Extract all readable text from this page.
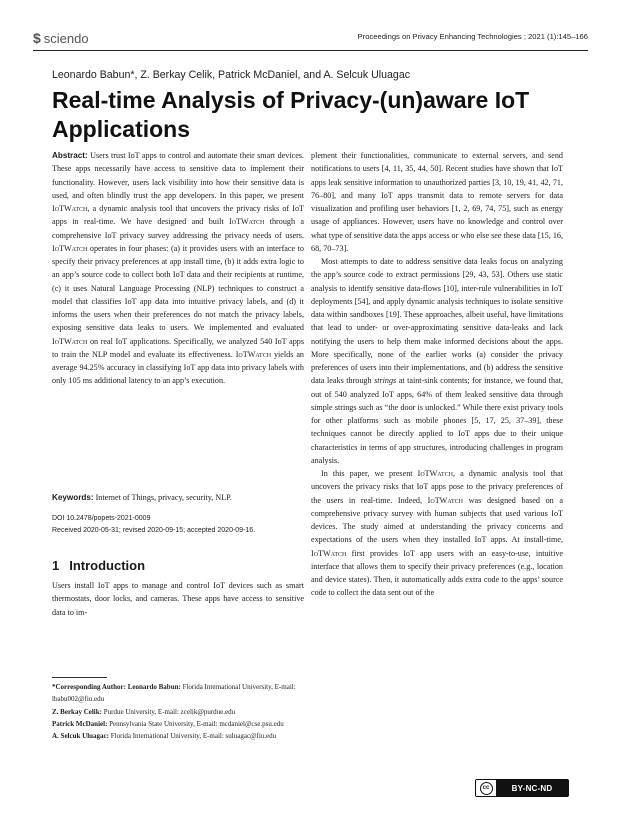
$ sciendo	Proceedings on Privacy Enhancing Technologies ; 2021 (1):145–166
Leonardo Babun*, Z. Berkay Celik, Patrick McDaniel, and A. Selcuk Uluagac
Real-time Analysis of Privacy-(un)aware IoT Applications

Abstract: Users trust IoT apps to control and automate their smart devices. These apps necessarily have access to sensitive data to implement their functionality. However, users lack visibility into how their sensitive data is used, and often blindly trust the app developers. In this paper, we present IoTWatch, a dynamic analysis tool that uncovers the privacy risks of IoT apps in real-time. We have designed and built IoTWatch through a comprehensive IoT privacy survey addressing the privacy needs of users. IoTWatch operates in four phases: (a) it provides users with an interface to specify their privacy preferences at app install time, (b) it adds extra logic to an app’s source code to collect both IoT data and their recipients at runtime, (c) it uses Natural Language Processing (NLP) techniques to construct a model that classifies IoT app data into intuitive privacy labels, and (d) it informs the users when their preferences do not match the privacy labels, exposing sensitive data leaks to users. We implemented and evaluated IoTWatch on real IoT applications. Specifically, we analyzed 540 IoT apps to train the NLP model and evaluate its effectiveness. IoTWatch yields an average 94.25% accuracy in classifying IoT app data into privacy labels with only 105 ms additional latency to an app’s execution.

Keywords: Internet of Things, privacy, security, NLP.

DOI 10.2478/popets-2021-0009
Received 2020-05-31; revised 2020-09-15; accepted 2020-09-16.
1 Introduction

Users install IoT apps to manage and control IoT devices such as smart thermostats, door locks, and cameras. These apps have access to sensitive data to im-

*Corresponding Author: Leonardo Babun: Florida International University, E-mail: lbabu002@fiu.edu

Z. Berkay Celik: Purdue University, E-mail: zcelik@purdue.edu

Patrick McDaniel: Pennsylvania State University, E-mail: mcdaniel@cse.psu.edu

A. Selcuk Uluagac: Florida International University, E-mail: suluagac@fiu.edu

plement their functionalities, communicate to external servers, and send notifications to users [4, 11, 35, 44, 50]. Recent studies have shown that IoT apps leak sensitive information to unauthorized parties [3, 10, 19, 41, 42, 71, 76–80], and many IoT apps transmit data to remote servers for data visualization and profiling user behaviors [1, 2, 69, 74, 75], such as energy usage of appliances. However, users have no knowledge and control over what type of sensitive data the apps access or who else see these data [15, 16, 68, 70–73].

Most attempts to date to address sensitive data leaks focus on analyzing the app’s source code to extract permissions [29, 43, 53]. Others use static analysis to identify sensitive data-flows [10], inter-rule vulnerabilities in IoT deployments [54], and apply dynamic analysis techniques to isolate sensitive data within sandboxes [19]. These approaches, albeit useful, have limitations that lead to under- or over-approximating sensitive data-leaks and lack notifying the users to help them make informed decisions about the apps. More specifically, none of the earlier works (a) consider the privacy preferences of users into their implementations, and (b) address the sensitive data leaks through strings at taint-sink contents; for instance, we found that, out of 540 analyzed IoT apps, 64% of them leaked sensitive data through simple strings such as “the door is unlocked.” While there exist privacy tools for other platforms such as mobile phones [5, 17, 25, 37–39], these techniques cannot be directly applied to IoT apps due to their unique characteristics in terms of app structures, introducing challenges in program analysis.

In this paper, we present IoTWatch, a dynamic analysis tool that uncovers the privacy risks that IoT apps pose to the privacy preferences of the users in real-time. Indeed, IoTWatch was designed based on a comprehensive privacy survey with human subjects that used various IoT devices. The study aimed at understanding the privacy concerns and expectations of the users when they installed IoT apps. At install-time, IoTWatch first provides IoT app users with an easy-to-use, intuitive interface that allows them to specify their privacy preferences (e.g., location and device states). Then, it automatically adds extra code to the apps’ source code to collect the data sent out of the

cc	BY-NC-ND
